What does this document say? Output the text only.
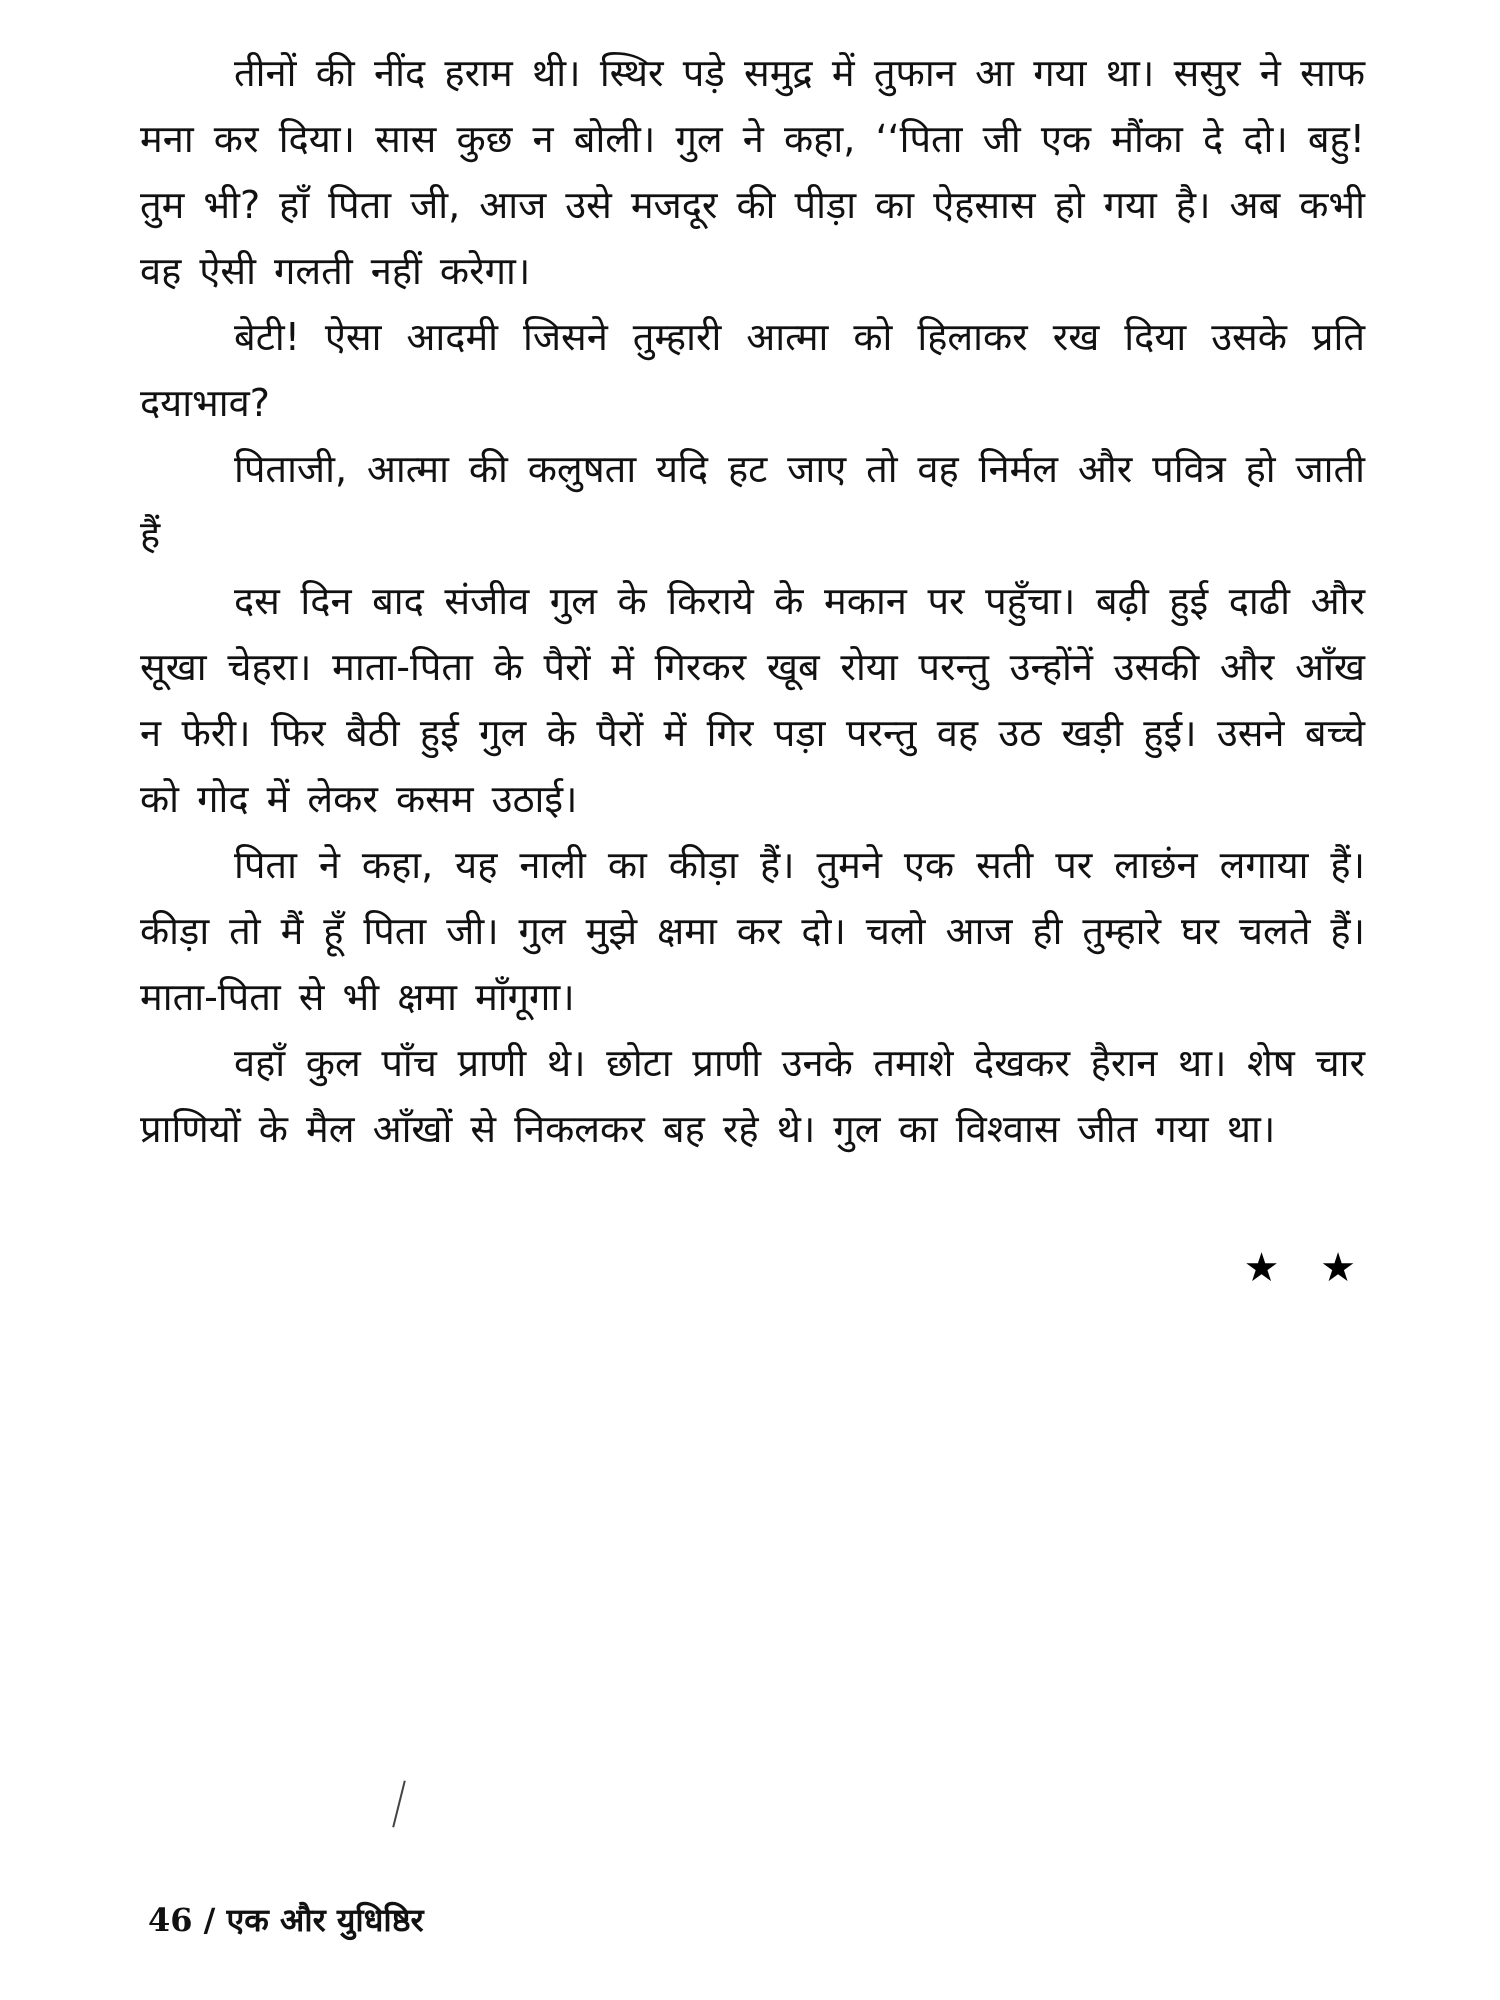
तीनों की नींद हराम थी। स्थिर पड़े समुद्र में तुफान आ गया था। ससुर ने साफ मना कर दिया। सास कुछ न बोली। गुल ने कहा, ‘‘पिता जी एक मौंका दे दो। बहु! तुम भी? हाँ पिता जी, आज उसे मजदूर की पीड़ा का ऐहसास हो गया है। अब कभी वह ऐसी गलती नहीं करेगा।

बेटी! ऐसा आदमी जिसने तुम्हारी आत्मा को हिलाकर रख दिया उसके प्रति दयाभाव?

पिताजी, आत्मा की कलुषता यदि हट जाए तो वह निर्मल और पवित्र हो जाती हैं

दस दिन बाद संजीव गुल के किराये के मकान पर पहुँचा। बढ़ी हुई दाढी और सूखा चेहरा। माता-पिता के पैरों में गिरकर खूब रोया परन्तु उन्होंनें उसकी और आँख न फेरी। फिर बैठी हुई गुल के पैरों में गिर पड़ा परन्तु वह उठ खड़ी हुई। उसने बच्चे को गोद में लेकर कसम उठाई।

पिता ने कहा, यह नाली का कीड़ा हैं। तुमने एक सती पर लाछंन लगाया हैं। कीड़ा तो मैं हूँ पिता जी। गुल मुझे क्षमा कर दो। चलो आज ही तुम्हारे घर चलते हैं। माता-पिता से भी क्षमा माँगूगा।

वहाँ कुल पाँच प्राणी थे। छोटा प्राणी उनके तमाशे देखकर हैरान था। शेष चार प्राणियों के मैल आँखों से निकलकर बह रहे थे। गुल का विश्वास जीत गया था।

★ ★
46 / एक और युधिष्ठिर
